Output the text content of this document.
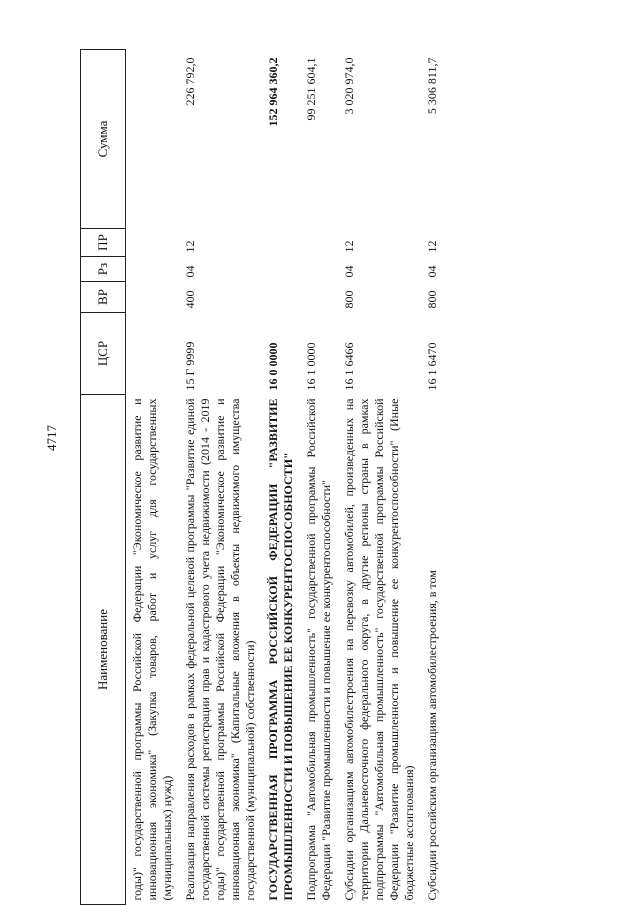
4717
Наименование	ЦСР	ВР	Рз	ПР	Сумма
годы)" государственной программы Российской Федерации "Экономическое развитие и инновационная экономика" (Закупка товаров, работ и услуг для государственных (муниципальных) нужд)					
Реализация направления расходов в рамках федеральной целевой программы "Развитие единой государственной системы регистрации прав и кадастрового учета недвижимости (2014 - 2019 годы)" государственной программы Российской Федерации "Экономическое развитие и инновационная экономика" (Капитальные вложения в объекты недвижимого имущества государственной (муниципальной) собственности)	15 Г 9999	400	04	12	226 792,0
ГОСУДАРСТВЕННАЯ ПРОГРАММА РОССИЙСКОЙ ФЕДЕРАЦИИ "РАЗВИТИЕ ПРОМЫШЛЕННОСТИ И ПОВЫШЕНИЕ ЕЕ КОНКУРЕНТОСПОСОБНОСТИ"	16 0 0000				152 964 360,2
Подпрограмма "Автомобильная промышленность" государственной программы Российской Федерации "Развитие промышленности и повышение ее конкурентоспособности"	16 1 0000				99 251 604,1
Субсидии организациям автомобилестроения на перевозку автомобилей, произведенных на территории Дальневосточного федерального округа, в другие регионы страны в рамках подпрограммы "Автомобильная промышленность" государственной программы Российской Федерации "Развитие промышленности и повышение ее конкурентоспособности" (Иные бюджетные ассигнования)	16 1 6466	800	04	12	3 020 974,0
Субсидии российским организациям автомобилестроения, в том	16 1 6470	800	04	12	5 306 811,7
